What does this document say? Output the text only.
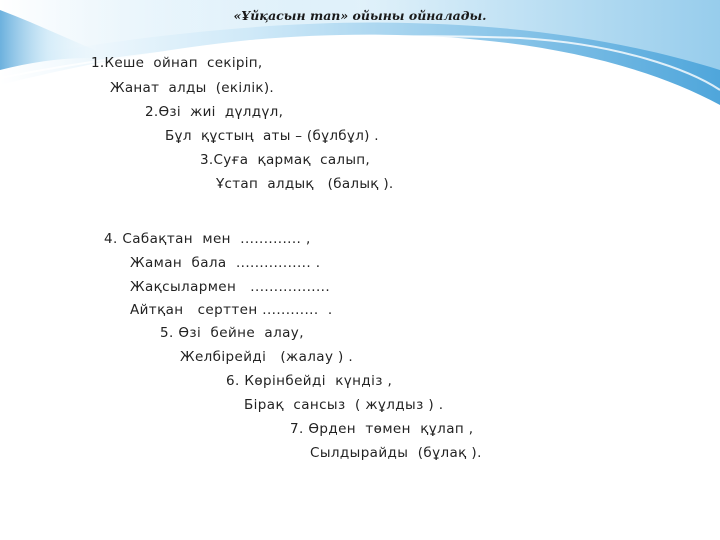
«Ұйқасын тап» ойыны ойналады.
1.Кеше  ойнап  секіріп,
Жанат  алды  (екілік).
2.Өзі  жиі  дүлдүл,
Бұл  құстың  аты – (бұлбұл) .
3.Суға  қармақ  салып,
Ұстап  алдық   (балық ).
4. Сабақтан  мен  ............. ,
Жаман  бала  ................ .
Жақсылармен   .................
Айтқан   серттен ............  .
5. Өзі  бейне  алау,
Желбірейді   (жалау ) .
6. Көрінбейді  күндіз ,
Бірақ  сансыз  ( жұлдыз ) .
7. Өрден  төмен  құлап ,
Сылдырайды  (бұлақ ).
